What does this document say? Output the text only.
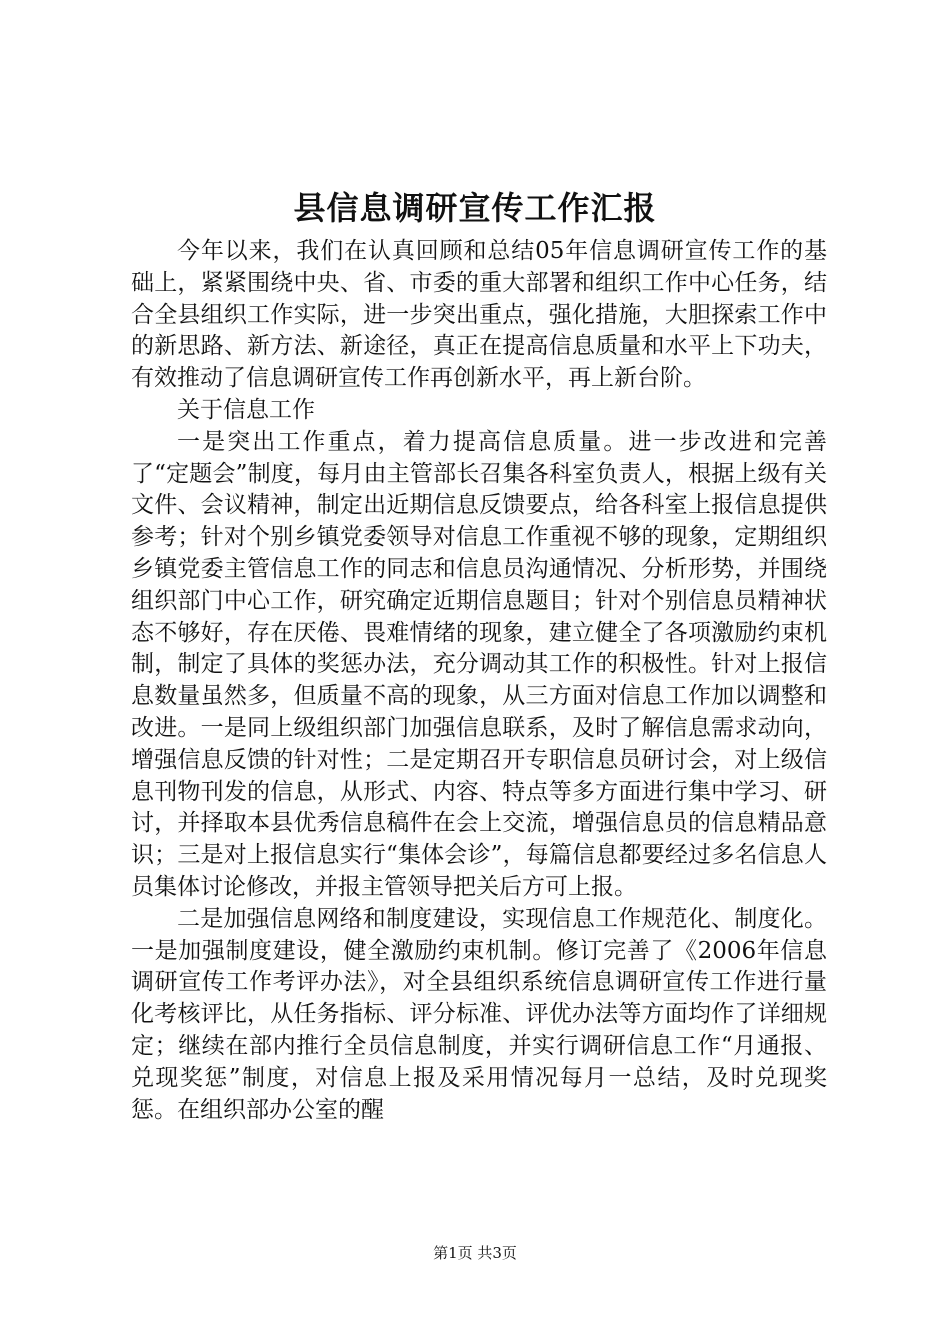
县信息调研宣传工作汇报

今年以来，我们在认真回顾和总结05年信息调研宣传工作的基础上，紧紧围绕中央、省、市委的重大部署和组织工作中心任务，结合全县组织工作实际，进一步突出重点，强化措施，大胆探索工作中的新思路、新方法、新途径，真正在提高信息质量和水平上下功夫，有效推动了信息调研宣传工作再创新水平，再上新台阶。

关于信息工作

一是突出工作重点，着力提高信息质量。进一步改进和完善了“定题会”制度，每月由主管部长召集各科室负责人，根据上级有关文件、会议精神，制定出近期信息反馈要点，给各科室上报信息提供参考；针对个别乡镇党委领导对信息工作重视不够的现象，定期组织乡镇党委主管信息工作的同志和信息员沟通情况、分析形势，并围绕组织部门中心工作，研究确定近期信息题目；针对个别信息员精神状态不够好，存在厌倦、畏难情绪的现象，建立健全了各项激励约束机制，制定了具体的奖惩办法，充分调动其工作的积极性。针对上报信息数量虽然多，但质量不高的现象，从三方面对信息工作加以调整和改进。一是同上级组织部门加强信息联系，及时了解信息需求动向，增强信息反馈的针对性；二是定期召开专职信息员研讨会，对上级信息刊物刊发的信息，从形式、内容、特点等多方面进行集中学习、研讨，并择取本县优秀信息稿件在会上交流，增强信息员的信息精品意识；三是对上报信息实行“集体会诊”，每篇信息都要经过多名信息人员集体讨论修改，并报主管领导把关后方可上报。

二是加强信息网络和制度建设，实现信息工作规范化、制度化。一是加强制度建设，健全激励约束机制。修订完善了《2006年信息调研宣传工作考评办法》，对全县组织系统信息调研宣传工作进行量化考核评比，从任务指标、评分标准、评优办法等方面均作了详细规定；继续在部内推行全员信息制度，并实行调研信息工作“月通报、兑现奖惩”制度，对信息上报及采用情况每月一总结，及时兑现奖惩。在组织部办公室的醒

第1页 共3页
